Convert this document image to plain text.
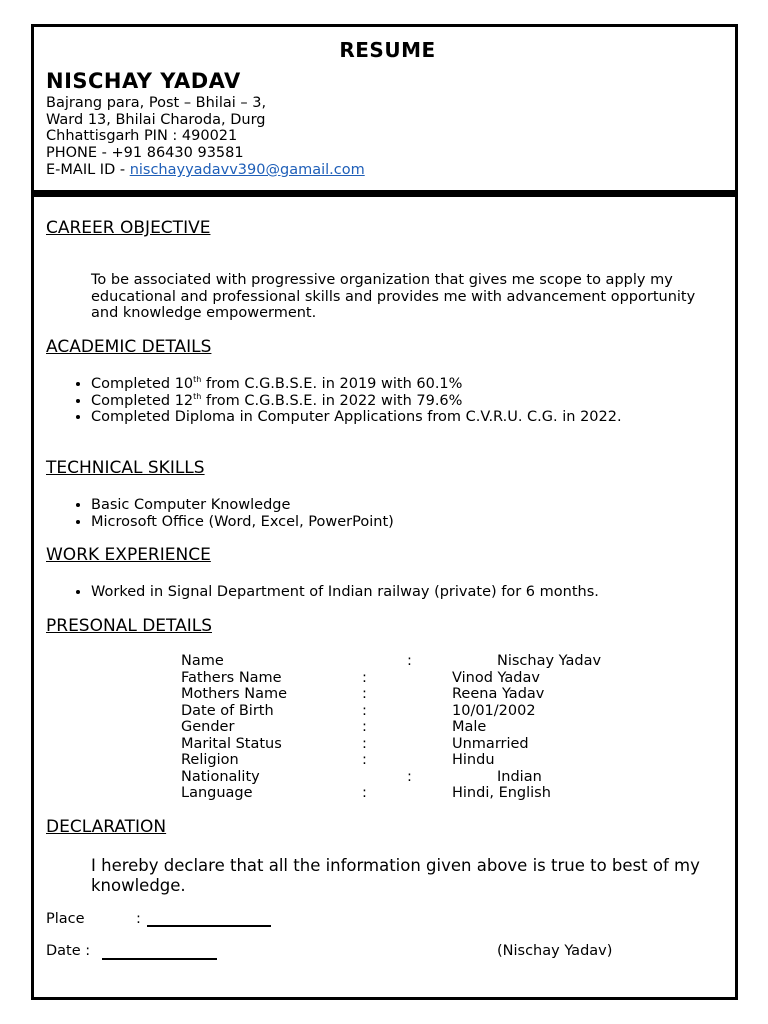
RESUME
NISCHAY YADAV
Bajrang para, Post – Bhilai – 3,
Ward 13, Bhilai Charoda, Durg
Chhattisgarh PIN : 490021
PHONE - +91 86430 93581
E-MAIL ID - nischayyadavv390@gamail.com
CAREER OBJECTIVE
To be associated with progressive organization that gives me scope to apply my educational and professional skills and provides me with advancement opportunity and knowledge empowerment.
ACADEMIC DETAILS
• Completed 10th from C.G.B.S.E. in 2019 with 60.1%
• Completed 12th from C.G.B.S.E. in 2022 with 79.6%
• Completed Diploma in Computer Applications from C.V.R.U. C.G. in 2022.
TECHNICAL SKILLS
• Basic Computer Knowledge
• Microsoft Office (Word, Excel, PowerPoint)
WORK EXPERIENCE
• Worked in Signal Department of Indian railway (private) for 6 months.
PRESONAL DETAILS
Name	:	Nischay Yadav
Fathers Name	:	Vinod Yadav
Mothers Name	:	Reena Yadav
Date of Birth	:	10/01/2002
Gender	:	Male
Marital Status	:	Unmarried
Religion	:	Hindu
Nationality	:	Indian
Language	:	Hindi, English
DECLARATION
I hereby declare that all the information given above is true to best of my knowledge.
Place	:
Date :	(Nischay Yadav)
